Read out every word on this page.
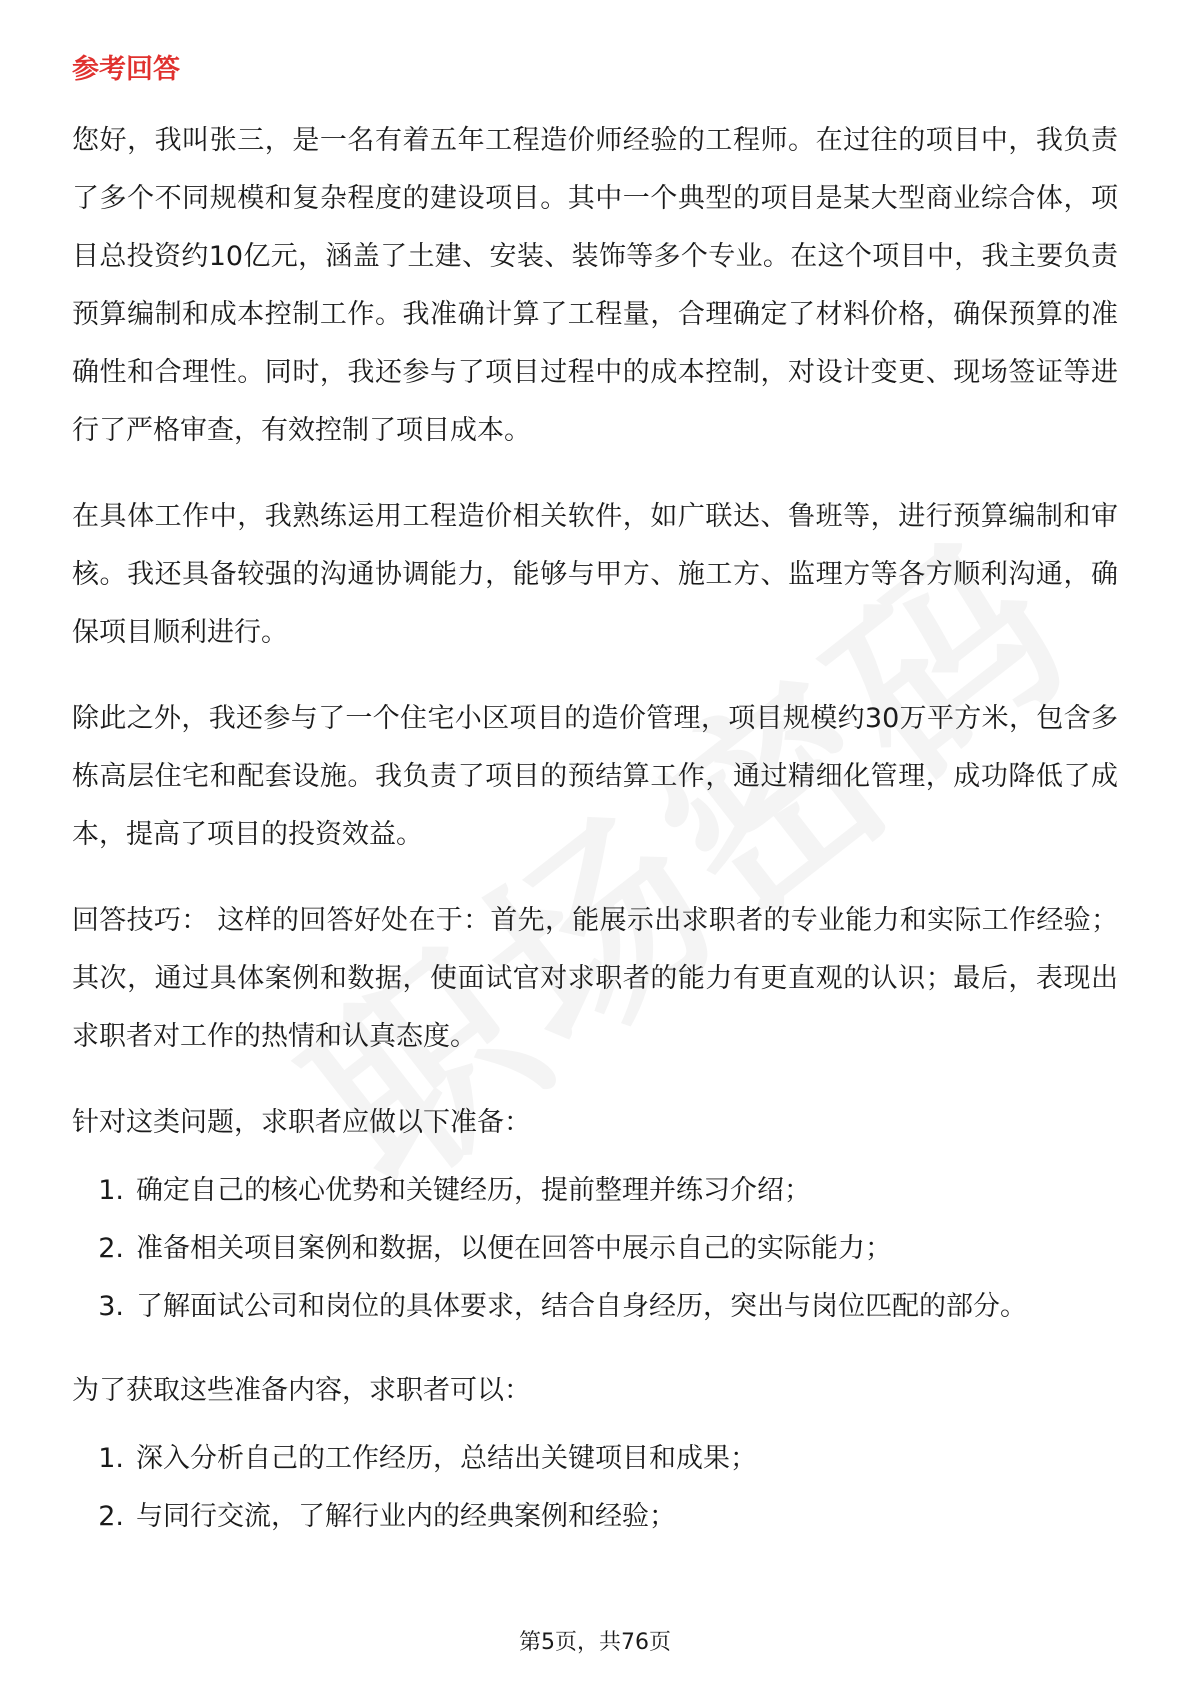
参考回答

您好，我叫张三，是一名有着五年工程造价师经验的工程师。在过往的项目中，我负责了多个不同规模和复杂程度的建设项目。其中一个典型的项目是某大型商业综合体，项目总投资约10亿元，涵盖了土建、安装、装饰等多个专业。在这个项目中，我主要负责预算编制和成本控制工作。我准确计算了工程量，合理确定了材料价格，确保预算的准确性和合理性。同时，我还参与了项目过程中的成本控制，对设计变更、现场签证等进行了严格审查，有效控制了项目成本。

在具体工作中，我熟练运用工程造价相关软件，如广联达、鲁班等，进行预算编制和审核。我还具备较强的沟通协调能力，能够与甲方、施工方、监理方等各方顺利沟通，确保项目顺利进行。

除此之外，我还参与了一个住宅小区项目的造价管理，项目规模约30万平方米，包含多栋高层住宅和配套设施。我负责了项目的预结算工作，通过精细化管理，成功降低了成本，提高了项目的投资效益。

回答技巧： 这样的回答好处在于：首先，能展示出求职者的专业能力和实际工作经验；其次，通过具体案例和数据，使面试官对求职者的能力有更直观的认识；最后，表现出求职者对工作的热情和认真态度。

针对这类问题，求职者应做以下准备：

1. 确定自己的核心优势和关键经历，提前整理并练习介绍；
2. 准备相关项目案例和数据，以便在回答中展示自己的实际能力；
3. 了解面试公司和岗位的具体要求，结合自身经历，突出与岗位匹配的部分。

为了获取这些准备内容，求职者可以：

1. 深入分析自己的工作经历，总结出关键项目和成果；
2. 与同行交流，了解行业内的经典案例和经验；
第5页，共76页
